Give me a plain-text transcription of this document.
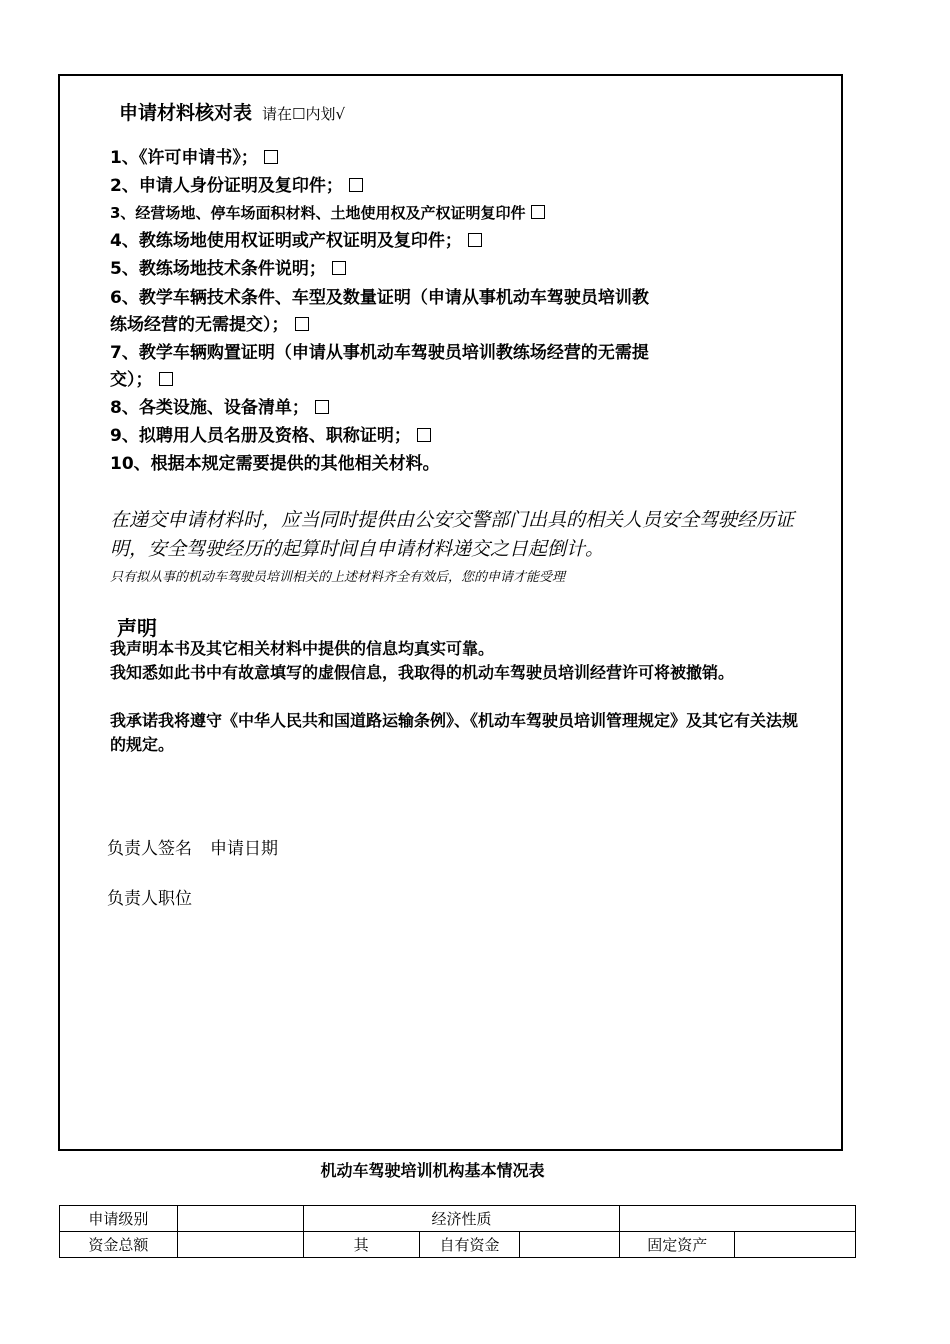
申请材料核对表 请在☐内划√
1、《许可申请书》；
2、申请人身份证明及复印件；
3、经营场地、停车场面积材料、土地使用权及产权证明复印件
4、教练场地使用权证明或产权证明及复印件；
5、教练场地技术条件说明；
6、教学车辆技术条件、车型及数量证明（申请从事机动车驾驶员培训教
练场经营的无需提交）；
7、教学车辆购置证明（申请从事机动车驾驶员培训教练场经营的无需提
交）；
8、各类设施、设备清单；
9、拟聘用人员名册及资格、职称证明；
10、根据本规定需要提供的其他相关材料。
在递交申请材料时，应当同时提供由公安交警部门出具的相关人员安全驾驶经历证明，安全驾驶经历的起算时间自申请材料递交之日起倒计。
只有拟从事的机动车驾驶员培训相关的上述材料齐全有效后，您的申请才能受理
声明
我声明本书及其它相关材料中提供的信息均真实可靠。
我知悉如此书中有故意填写的虚假信息，我取得的机动车驾驶员培训经营许可将被撤销。
我承诺我将遵守《中华人民共和国道路运输条例》、《机动车驾驶员培训管理规定》及其它有关法规的规定。
负责人签名 申请日期
负责人职位
机动车驾驶培训机构基本情况表
申请级别		经济性质				
资金总额		其	自有资金		固定资产	
